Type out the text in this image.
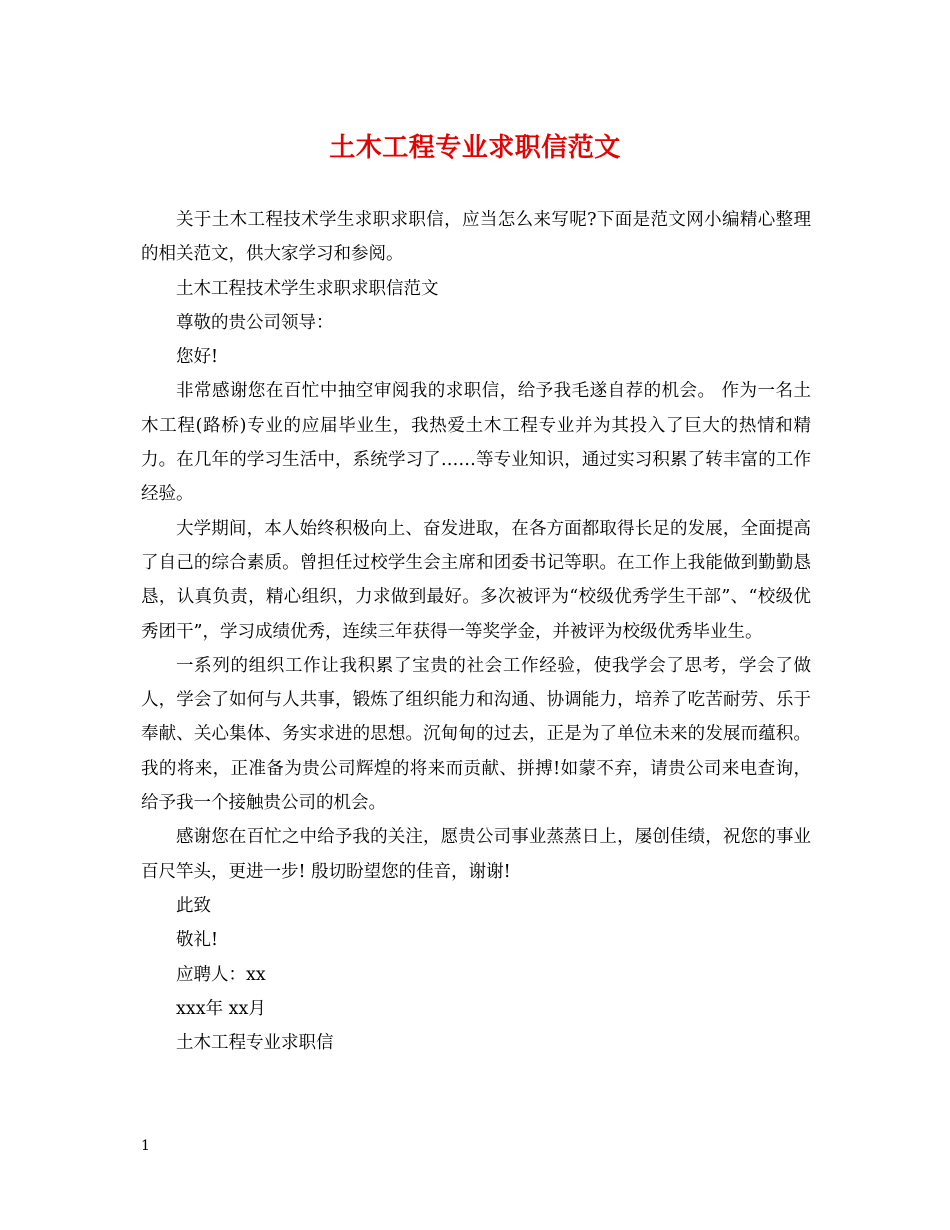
土木工程专业求职信范文

关于土木工程技术学生求职求职信，应当怎么来写呢?下面是范文网小编精心整理的相关范文，供大家学习和参阅。

土木工程技术学生求职求职信范文

尊敬的贵公司领导：

您好!

非常感谢您在百忙中抽空审阅我的求职信，给予我毛遂自荐的机会。 作为一名土木工程(路桥)专业的应届毕业生，我热爱土木工程专业并为其投入了巨大的热情和精力。在几年的学习生活中，系统学习了……等专业知识，通过实习积累了转丰富的工作经验。

大学期间，本人始终积极向上、奋发进取，在各方面都取得长足的发展，全面提高了自己的综合素质。曾担任过校学生会主席和团委书记等职。在工作上我能做到勤勤恳恳，认真负责，精心组织，力求做到最好。多次被评为“校级优秀学生干部”、“校级优秀团干”，学习成绩优秀，连续三年获得一等奖学金，并被评为校级优秀毕业生。

一系列的组织工作让我积累了宝贵的社会工作经验，使我学会了思考，学会了做人，学会了如何与人共事，锻炼了组织能力和沟通、协调能力，培养了吃苦耐劳、乐于奉献、关心集体、务实求进的思想。沉甸甸的过去，正是为了单位未来的发展而蕴积。我的将来，正准备为贵公司辉煌的将来而贡献、拼搏!如蒙不弃，请贵公司来电查询，给予我一个接触贵公司的机会。

感谢您在百忙之中给予我的关注，愿贵公司事业蒸蒸日上，屡创佳绩，祝您的事业百尺竿头，更进一步! 殷切盼望您的佳音，谢谢!

此致

敬礼!

应聘人：xx

xxx年 xx月

土木工程专业求职信

1
